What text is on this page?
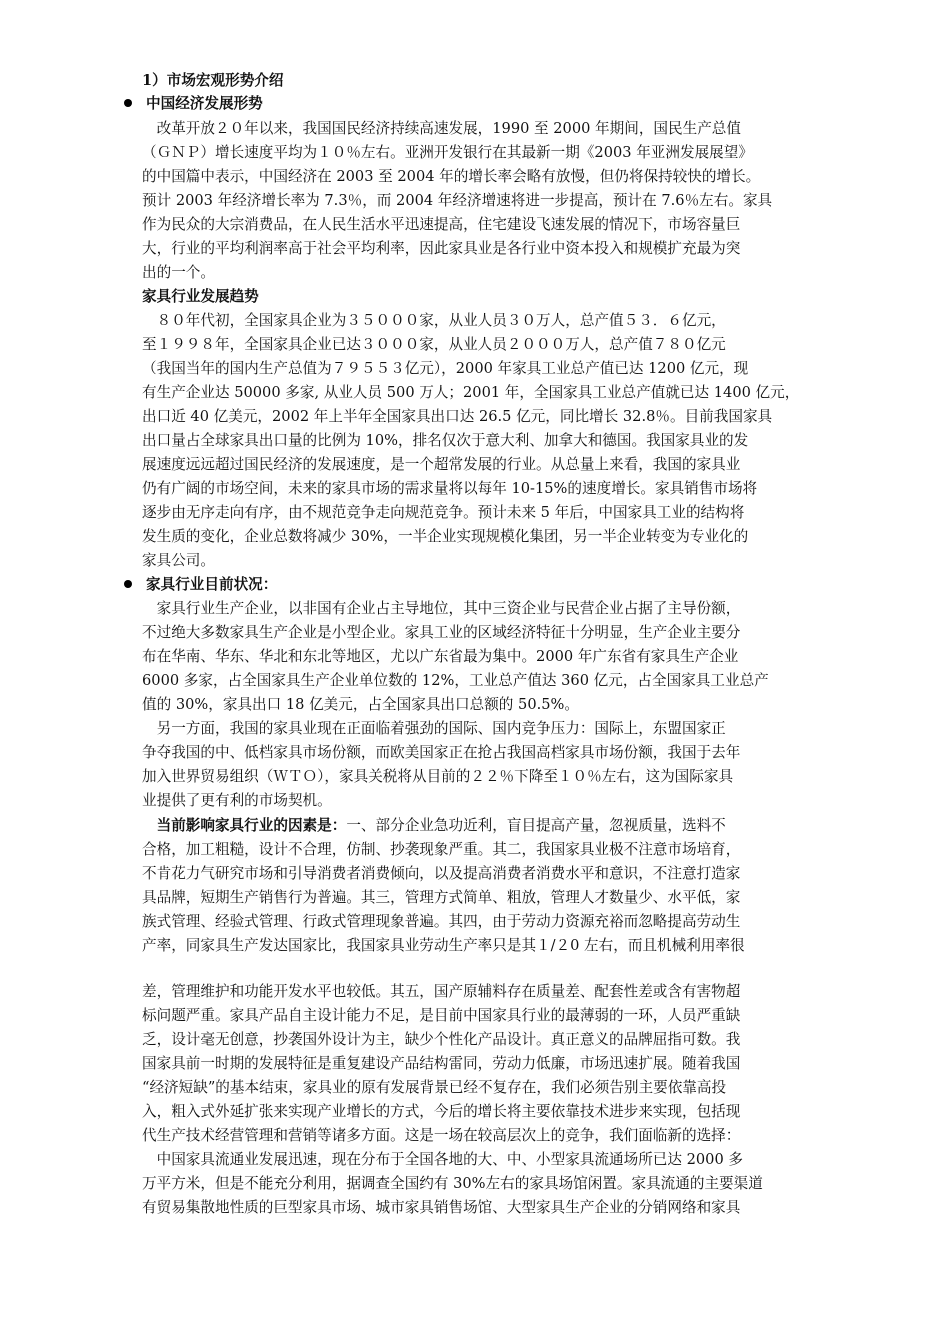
1）市场宏观形势介绍
中国经济发展形势
　改革开放２０年以来，我国国民经济持续高速发展，1990 至 2000 年期间，国民生产总值
（ＧＮＰ）增长速度平均为１０％左右。亚洲开发银行在其最新一期《2003 年亚洲发展展望》
的中国篇中表示，中国经济在 2003 至 2004 年的增长率会略有放慢，但仍将保持较快的增长。
预计 2003 年经济增长率为 7.3％，而 2004 年经济增速将进一步提高，预计在 7.6％左右。家具
作为民众的大宗消费品，在人民生活水平迅速提高，住宅建设飞速发展的情况下，市场容量巨
大，行业的平均利润率高于社会平均利率，因此家具业是各行业中资本投入和规模扩充最为突
出的一个。
家具行业发展趋势
　８０年代初，全国家具企业为３５０００家，从业人员３０万人，总产值５３．６亿元，
至１９９８年，全国家具企业已达３０００家，从业人员２０００万人，总产值７８０亿元
（我国当年的国内生产总值为７９５５３亿元），2000 年家具工业总产值已达 1200 亿元，现
有生产企业达 50000 多家, 从业人员 500 万人；2001 年，全国家具工业总产值就已达 1400 亿元，
出口近 40 亿美元，2002 年上半年全国家具出口达 26.5 亿元，同比增长 32.8％。目前我国家具
出口量占全球家具出口量的比例为 10%，排名仅次于意大利、加拿大和德国。我国家具业的发
展速度远远超过国民经济的发展速度，是一个超常发展的行业。从总量上来看，我国的家具业
仍有广阔的市场空间，未来的家具市场的需求量将以每年 10-15%的速度增长。家具销售市场将
逐步由无序走向有序，由不规范竞争走向规范竞争。预计未来 5 年后，中国家具工业的结构将
发生质的变化，企业总数将减少 30%，一半企业实现规模化集团，另一半企业转变为专业化的
家具公司。
家具行业目前状况：
　家具行业生产企业，以非国有企业占主导地位，其中三资企业与民营企业占据了主导份额，
不过绝大多数家具生产企业是小型企业。家具工业的区域经济特征十分明显，生产企业主要分
布在华南、华东、华北和东北等地区，尤以广东省最为集中。2000 年广东省有家具生产企业
6000 多家，占全国家具生产企业单位数的 12%，工业总产值达 360 亿元，占全国家具工业总产
值的 30%，家具出口 18 亿美元，占全国家具出口总额的 50.5%。
　另一方面，我国的家具业现在正面临着强劲的国际、国内竞争压力：国际上，东盟国家正
争夺我国的中、低档家具市场份额，而欧美国家正在抢占我国高档家具市场份额，我国于去年
加入世界贸易组织（ＷＴＯ），家具关税将从目前的２２％下降至１０％左右，这为国际家具
业提供了更有利的市场契机。
　当前影响家具行业的因素是：一、部分企业急功近利，盲目提高产量，忽视质量，选料不
合格，加工粗糙，设计不合理，仿制、抄袭现象严重。其二，我国家具业极不注意市场培育，
不肯花力气研究市场和引导消费者消费倾向，以及提高消费者消费水平和意识，不注意打造家
具品牌，短期生产销售行为普遍。其三，管理方式简单、粗放，管理人才数量少、水平低，家
族式管理、经验式管理、行政式管理现象普遍。其四，由于劳动力资源充裕而忽略提高劳动生
产率，同家具生产发达国家比，我国家具业劳动生产率只是其１/２0 左右，而且机械利用率很
差，管理维护和功能开发水平也较低。其五，国产原辅料存在质量差、配套性差或含有害物超
标问题严重。家具产品自主设计能力不足，是目前中国家具行业的最薄弱的一环，人员严重缺
乏，设计毫无创意，抄袭国外设计为主，缺少个性化产品设计。真正意义的品牌屈指可数。我
国家具前一时期的发展特征是重复建设产品结构雷同，劳动力低廉，市场迅速扩展。随着我国
“经济短缺”的基本结束，家具业的原有发展背景已经不复存在，我们必须告别主要依靠高投
入，粗入式外延扩张来实现产业增长的方式，今后的增长将主要依靠技术进步来实现，包括现
代生产技术经营管理和营销等诸多方面。这是一场在较高层次上的竞争，我们面临新的选择：
　中国家具流通业发展迅速，现在分布于全国各地的大、中、小型家具流通场所已达 2000 多
万平方米，但是不能充分利用，据调查全国约有 30%左右的家具场馆闲置。家具流通的主要渠道
有贸易集散地性质的巨型家具市场、城市家具销售场馆、大型家具生产企业的分销网络和家具
